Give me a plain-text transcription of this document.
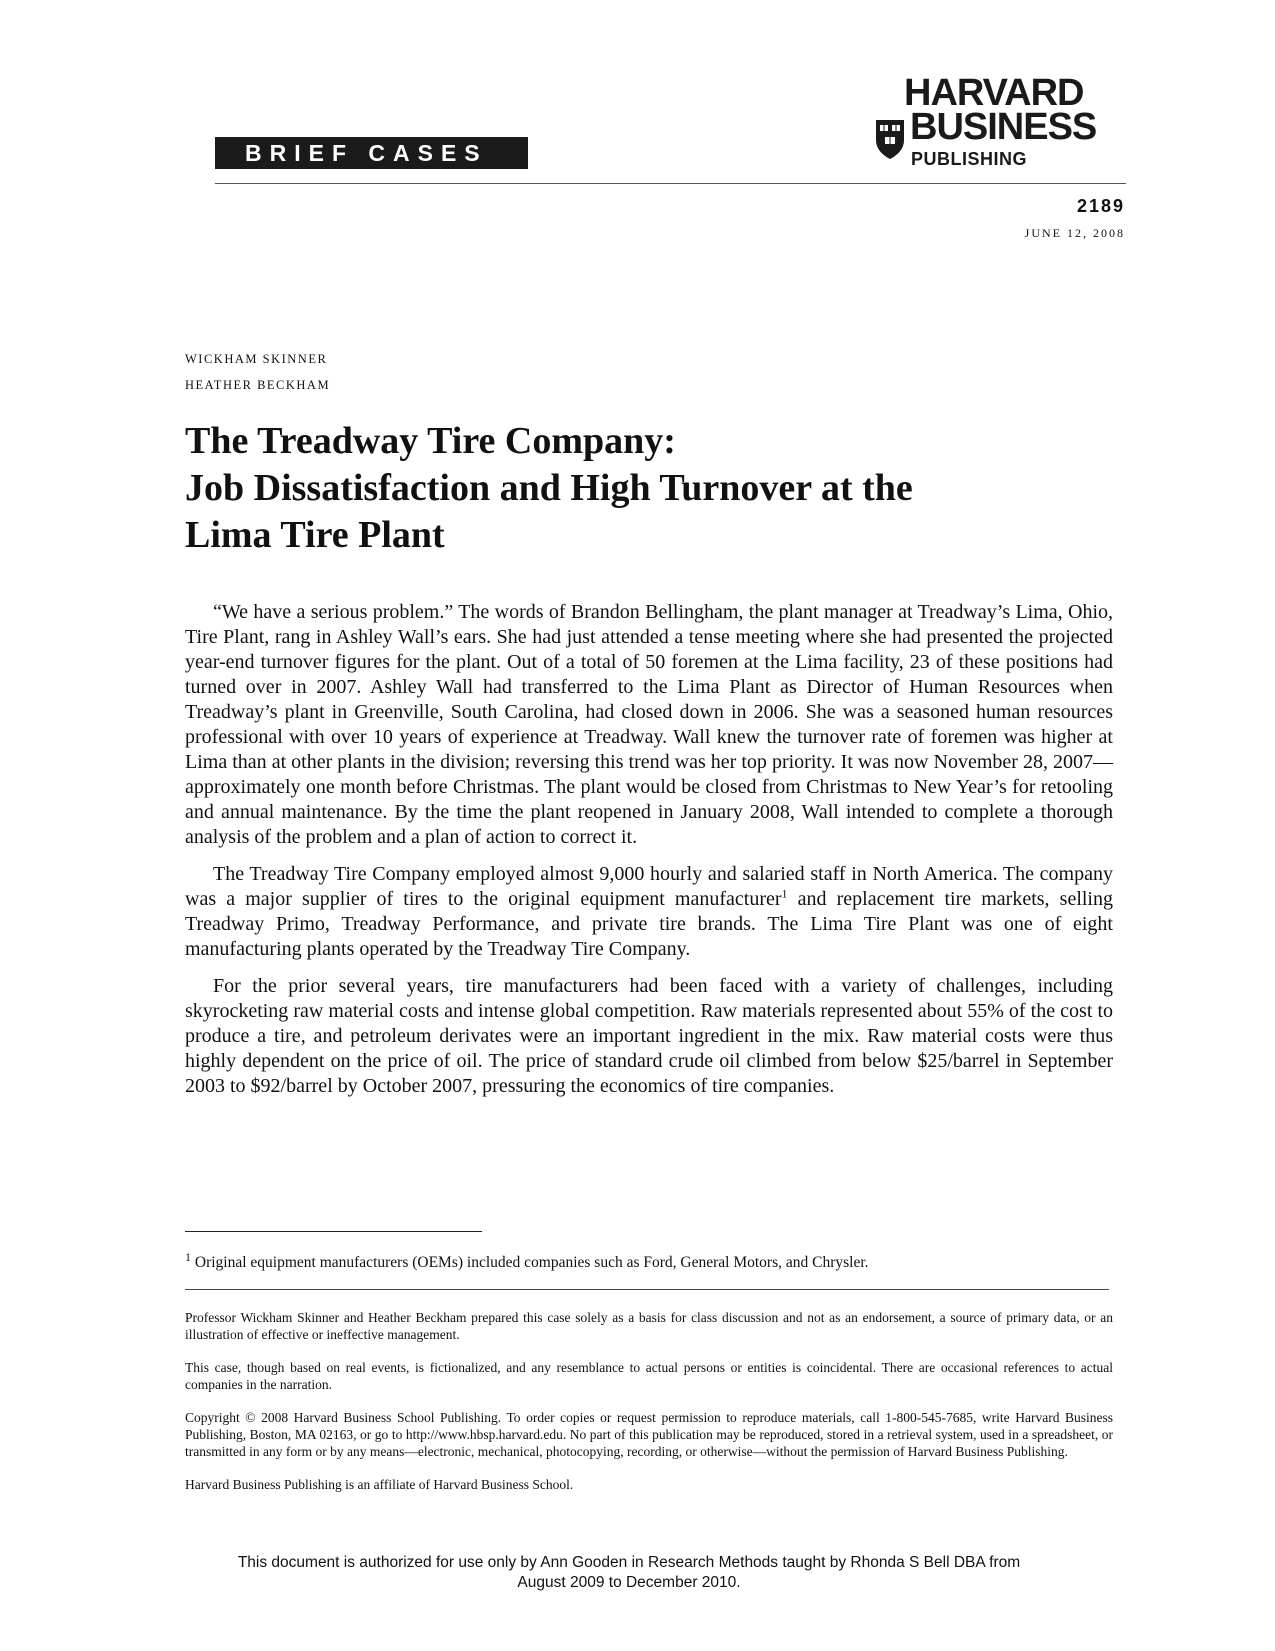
BRIEF CASES
HARVARD
BUSINESS
PUBLISHING
2189
JUNE 12, 2008
WICKHAM SKINNER
HEATHER BECKHAM
The Treadway Tire Company:
Job Dissatisfaction and High Turnover at the
Lima Tire Plant

“We have a serious problem.” The words of Brandon Bellingham, the plant manager at Treadway’s Lima, Ohio, Tire Plant, rang in Ashley Wall’s ears. She had just attended a tense meeting where she had presented the projected year-end turnover figures for the plant. Out of a total of 50 foremen at the Lima facility, 23 of these positions had turned over in 2007. Ashley Wall had transferred to the Lima Plant as Director of Human Resources when Treadway’s plant in Greenville, South Carolina, had closed down in 2006. She was a seasoned human resources professional with over 10 years of experience at Treadway. Wall knew the turnover rate of foremen was higher at Lima than at other plants in the division; reversing this trend was her top priority. It was now November 28, 2007—approximately one month before Christmas. The plant would be closed from Christmas to New Year’s for retooling and annual maintenance. By the time the plant reopened in January 2008, Wall intended to complete a thorough analysis of the problem and a plan of action to correct it.

The Treadway Tire Company employed almost 9,000 hourly and salaried staff in North America. The company was a major supplier of tires to the original equipment manufacturer$^1$ and replacement tire markets, selling Treadway Primo, Treadway Performance, and private tire brands. The Lima Tire Plant was one of eight manufacturing plants operated by the Treadway Tire Company.

For the prior several years, tire manufacturers had been faced with a variety of challenges, including skyrocketing raw material costs and intense global competition. Raw materials represented about 55% of the cost to produce a tire, and petroleum derivates were an important ingredient in the mix. Raw material costs were thus highly dependent on the price of oil. The price of standard crude oil climbed from below $25/barrel in September 2003 to $92/barrel by October 2007, pressuring the economics of tire companies.

$^1$ Original equipment manufacturers (OEMs) included companies such as Ford, General Motors, and Chrysler.

Professor Wickham Skinner and Heather Beckham prepared this case solely as a basis for class discussion and not as an endorsement, a source of primary data, or an illustration of effective or ineffective management.

This case, though based on real events, is fictionalized, and any resemblance to actual persons or entities is coincidental. There are occasional references to actual companies in the narration.

Copyright © 2008 Harvard Business School Publishing. To order copies or request permission to reproduce materials, call 1-800-545-7685, write Harvard Business Publishing, Boston, MA 02163, or go to http://www.hbsp.harvard.edu. No part of this publication may be reproduced, stored in a retrieval system, used in a spreadsheet, or transmitted in any form or by any means—electronic, mechanical, photocopying, recording, or otherwise—without the permission of Harvard Business Publishing.

Harvard Business Publishing is an affiliate of Harvard Business School.

This document is authorized for use only by Ann Gooden in Research Methods taught by Rhonda S Bell DBA from
August 2009 to December 2010.
